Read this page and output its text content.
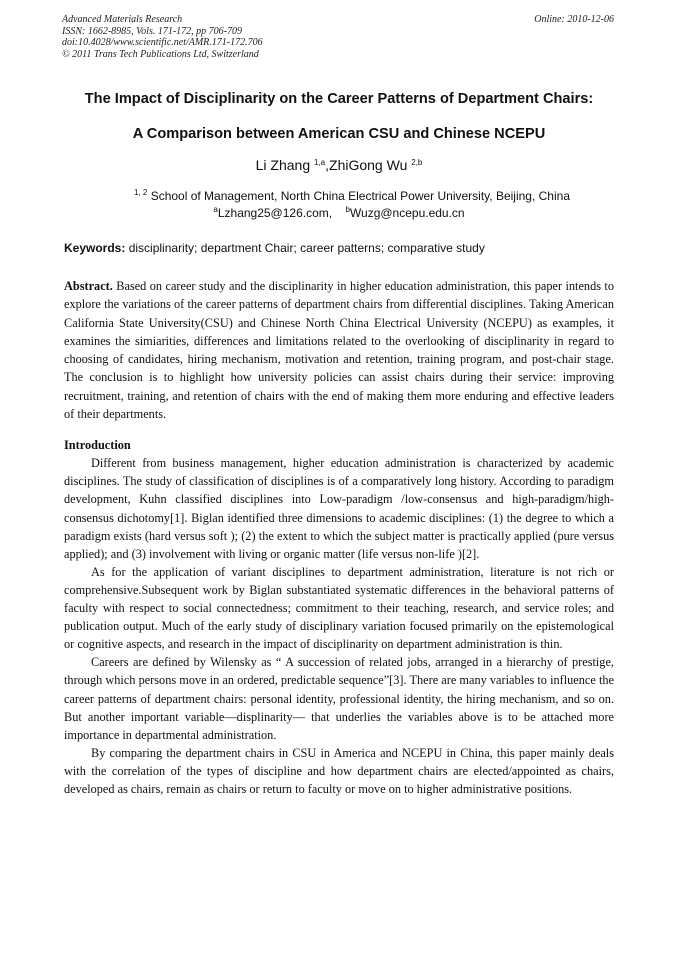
Advanced Materials Research
ISSN: 1662-8985, Vols. 171-172, pp 706-709
doi:10.4028/www.scientific.net/AMR.171-172.706
© 2011 Trans Tech Publications Ltd, Switzerland
Online: 2010-12-06
The Impact of Disciplinarity on the Career Patterns of Department Chairs:
A Comparison between American CSU and Chinese NCEPU
Li Zhang $^{1,a}$,ZhiGong Wu $^{2,b}$
$^{1, 2}$ School of Management, North China Electrical Power University, Beijing, China
$^a$Lzhang25@126.com, $^b$Wuzg@ncepu.edu.cn
Keywords: disciplinarity; department Chair; career patterns; comparative study
Abstract. Based on career study and the disciplinarity in higher education administration, this paper intends to explore the variations of the career patterns of department chairs from differential disciplines. Taking American California State University(CSU) and Chinese North China Electrical University (NCEPU) as examples, it examines the simiarities, differences and limitations related to the overlooking of disciplinarity in regard to choosing of candidates, hiring mechanism, motivation and retention, training program, and post-chair stage. The conclusion is to highlight how university policies can assist chairs during their service: improving recruitment, training, and retention of chairs with the end of making them more enduring and effective leaders of their departments.
Introduction

Different from business management, higher education administration is characterized by academic disciplines. The study of classification of disciplines is of a comparatively long history. According to paradigm development, Kuhn classified disciplines into Low-paradigm /low-consensus and high-paradigm/high-consensus dichotomy[1]. Biglan identified three dimensions to academic disciplines: (1) the degree to which a paradigm exists (hard versus soft ); (2) the extent to which the subject matter is practically applied (pure versus applied); and (3) involvement with living or organic matter (life versus non-life )[2].

As for the application of variant disciplines to department administration, literature is not rich or comprehensive.Subsequent work by Biglan substantiated systematic differences in the behavioral patterns of faculty with respect to social connectedness; commitment to their teaching, research, and service roles; and publication output. Much of the early study of disciplinary variation focused primarily on the epistemological or cognitive aspects, and research in the impact of disciplinarity on department administration is thin.

Careers are defined by Wilensky as “ A succession of related jobs, arranged in a hierarchy of prestige, through which persons move in an ordered, predictable sequence”[3]. There are many variables to influence the career patterns of department chairs: personal identity, professional identity, the hiring mechanism, and so on. But another important variable—displinarity— that underlies the variables above is to be attached more importance in departmental administration.

By comparing the department chairs in CSU in America and NCEPU in China, this paper mainly deals with the correlation of the types of discipline and how department chairs are elected/appointed as chairs, developed as chairs, remain as chairs or return to faculty or move on to higher administrative positions.
